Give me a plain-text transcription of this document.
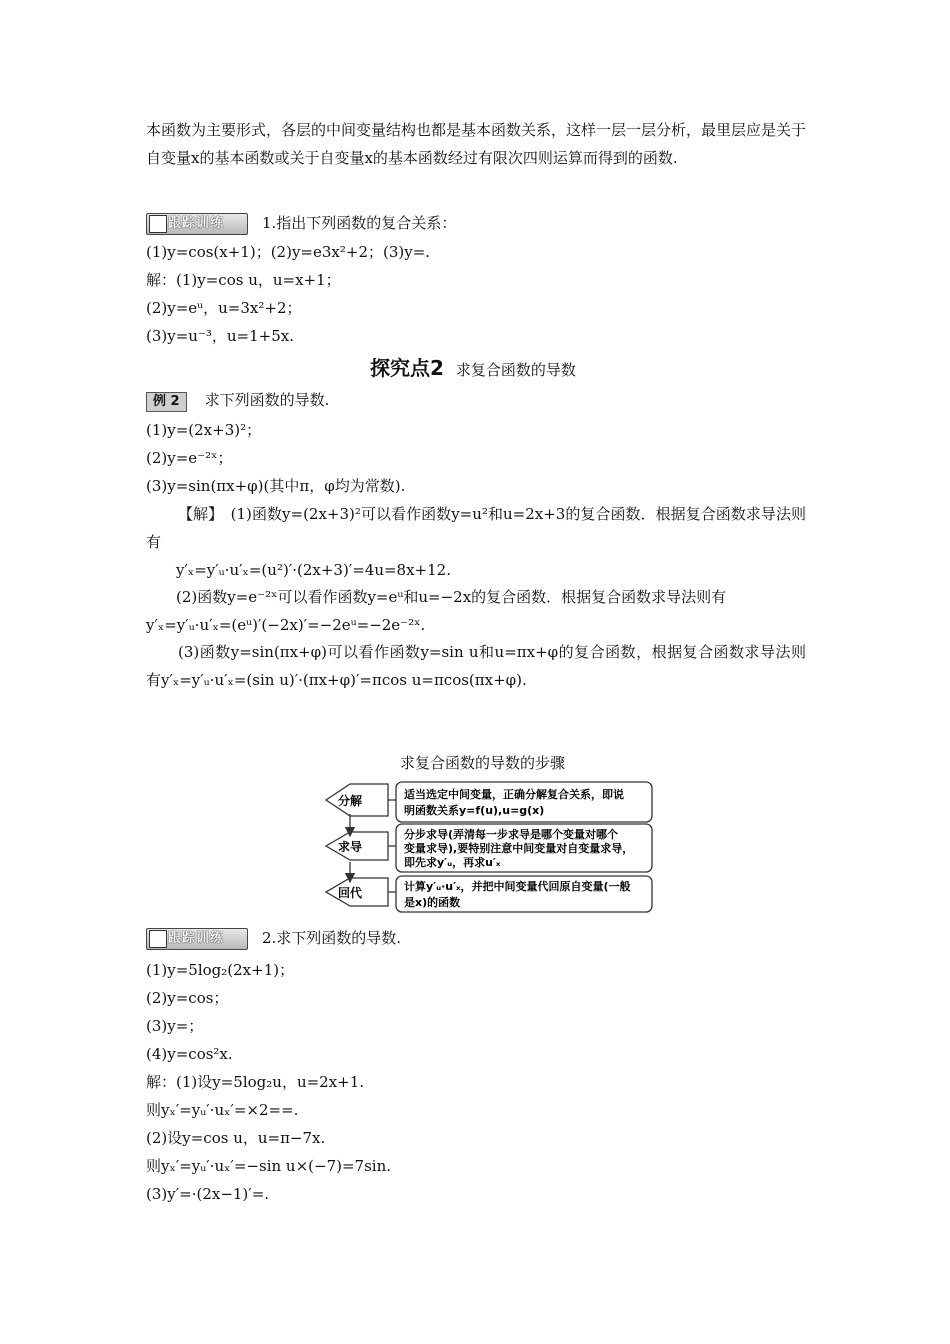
本函数为主要形式，各层的中间变量结构也都是基本函数关系，这样一层一层分析，最里层应是关于自变量x的基本函数或关于自变量x的基本函数经过有限次四则运算而得到的函数.
跟踪训练	1.指出下列函数的复合关系：
(1)y=cos(x+1)；(2)y=e3x²+2；(3)y=.
解：(1)y=cos u，u=x+1；
(2)y=eᵘ，u=3x²+2；
(3)y=u⁻³，u=1+5x.
探究点2 求复合函数的导数
例 2 求下列函数的导数.
(1)y=(2x+3)²；
(2)y=e⁻²ˣ；
(3)y=sin(πx+φ)(其中π，φ均为常数).
【解】　(1)函数y=(2x+3)²可以看作函数y=u²和u=2x+3的复合函数．根据复合函数求导法则有
y′ₓ=y′ᵤ·u′ₓ=(u²)′·(2x+3)′=4u=8x+12.
(2)函数y=e⁻²ˣ可以看作函数y=eᵘ和u=−2x的复合函数．根据复合函数求导法则有
y′ₓ=y′ᵤ·u′ₓ=(eᵘ)′(−2x)′=−2eᵘ=−2e⁻²ˣ.
(3)函数y=sin(πx+φ)可以看作函数y=sin u和u=πx+φ的复合函数，根据复合函数求导法则有y′ₓ=y′ᵤ·u′ₓ=(sin u)′·(πx+φ)′=πcos u=πcos(πx+φ).
求复合函数的导数的步骤
分解	适当选定中间变量，正确分解复合关系，即说
明函数关系y=f(u),u=g(x)
求导
分步求导(弄清每一步求导是哪个变量对哪个
变量求导),要特别注意中间变量对自变量求导，
即先求y′ᵤ，再求u′ₓ
回代	计算y′ᵤ·u′ₓ，并把中间变量代回原自变量(一般
是x)的函数
跟踪训练	2.求下列函数的导数.
(1)y=5log₂(2x+1)；
(2)y=cos；
(3)y=；
(4)y=cos²x.
解：(1)设y=5log₂u，u=2x+1.
则yₓ′=yᵤ′·uₓ′=×2==.
(2)设y=cos u，u=π−7x.
则yₓ′=yᵤ′·uₓ′=−sin u×(−7)=7sin.
(3)y′=·(2x−1)′=.
